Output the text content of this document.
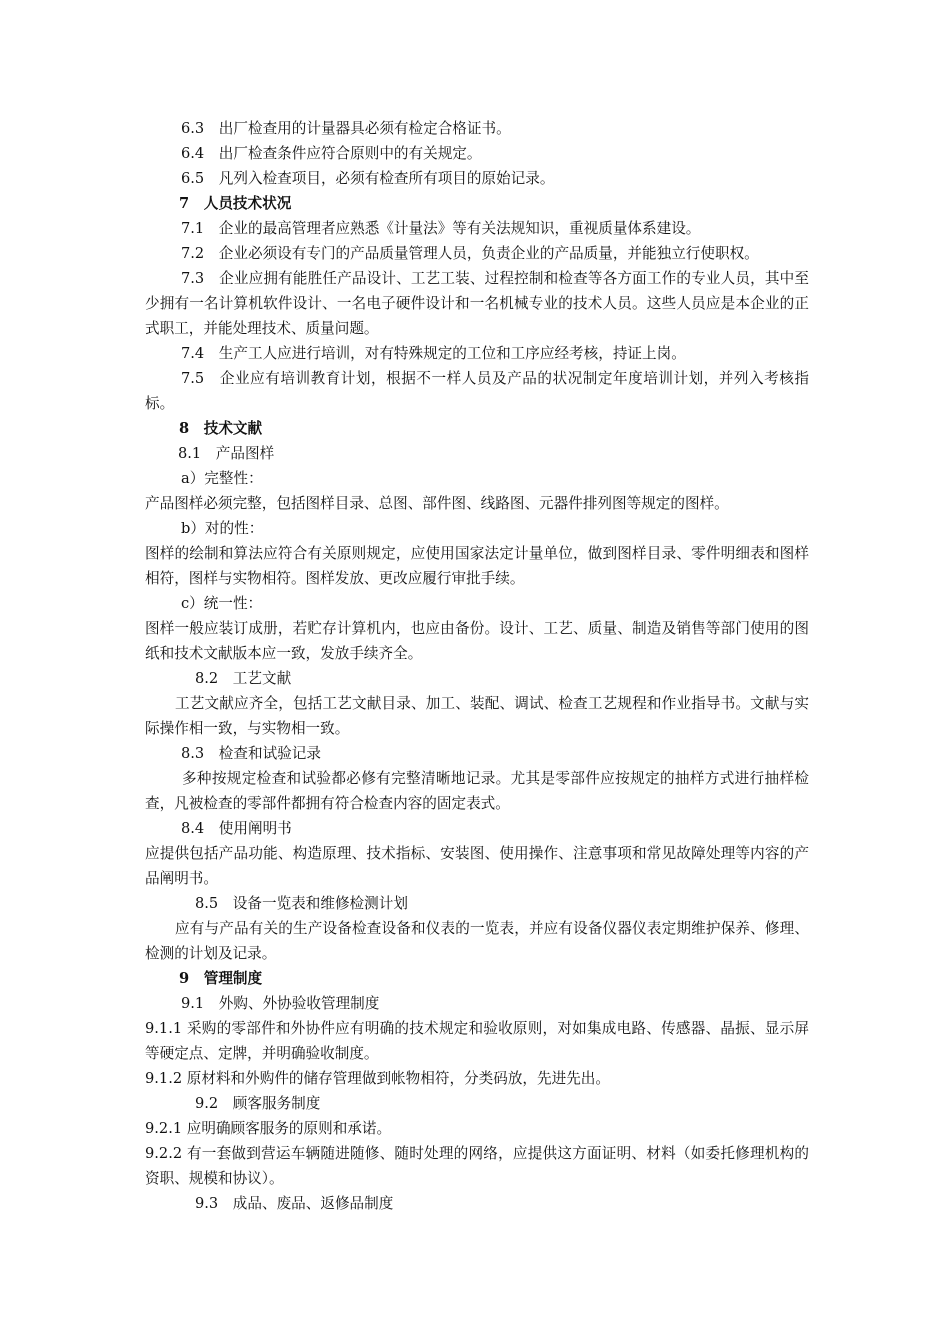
6.3　出厂检查用的计量器具必须有检定合格证书。
6.4　出厂检查条件应符合原则中的有关规定。
6.5　凡列入检查项目，必须有检查所有项目的原始记录。
7　人员技术状况
7.1　企业的最高管理者应熟悉《计量法》等有关法规知识，重视质量体系建设。
7.2　企业必须设有专门的产品质量管理人员，负责企业的产品质量，并能独立行使职权。
7.3　企业应拥有能胜任产品设计、工艺工装、过程控制和检查等各方面工作的专业人员，其中至少拥有一名计算机软件设计、一名电子硬件设计和一名机械专业的技术人员。这些人员应是本企业的正式职工，并能处理技术、质量问题。
7.4　生产工人应进行培训，对有特殊规定的工位和工序应经考核，持证上岗。
7.5　企业应有培训教育计划，根据不一样人员及产品的状况制定年度培训计划，并列入考核指标。
8　技术文献
8.1　产品图样
a）完整性：
产品图样必须完整，包括图样目录、总图、部件图、线路图、元器件排列图等规定的图样。
b）对的性：
图样的绘制和算法应符合有关原则规定，应使用国家法定计量单位，做到图样目录、零件明细表和图样相符，图样与实物相符。图样发放、更改应履行审批手续。
c）统一性：
图样一般应装订成册，若贮存计算机内，也应由备份。设计、工艺、质量、制造及销售等部门使用的图纸和技术文献版本应一致，发放手续齐全。
8.2　工艺文献
工艺文献应齐全，包括工艺文献目录、加工、装配、调试、检查工艺规程和作业指导书。文献与实际操作相一致，与实物相一致。
8.3　检查和试验记录
多种按规定检查和试验都必修有完整清晰地记录。尤其是零部件应按规定的抽样方式进行抽样检查，凡被检查的零部件都拥有符合检查内容的固定表式。
8.4　使用阐明书
应提供包括产品功能、构造原理、技术指标、安装图、使用操作、注意事项和常见故障处理等内容的产品阐明书。
8.5　设备一览表和维修检测计划
应有与产品有关的生产设备检查设备和仪表的一览表，并应有设备仪器仪表定期维护保养、修理、检测的计划及记录。
9　管理制度
9.1　外购、外协验收管理制度
9.1.1 采购的零部件和外协件应有明确的技术规定和验收原则，对如集成电路、传感器、晶振、显示屏等硬定点、定牌，并明确验收制度。
9.1.2 原材料和外购件的储存管理做到帐物相符，分类码放，先进先出。
9.2　顾客服务制度
9.2.1 应明确顾客服务的原则和承诺。
9.2.2 有一套做到营运车辆随进随修、随时处理的网络，应提供这方面证明、材料（如委托修理机构的资职、规模和协议）。
9.3　成品、废品、返修品制度
